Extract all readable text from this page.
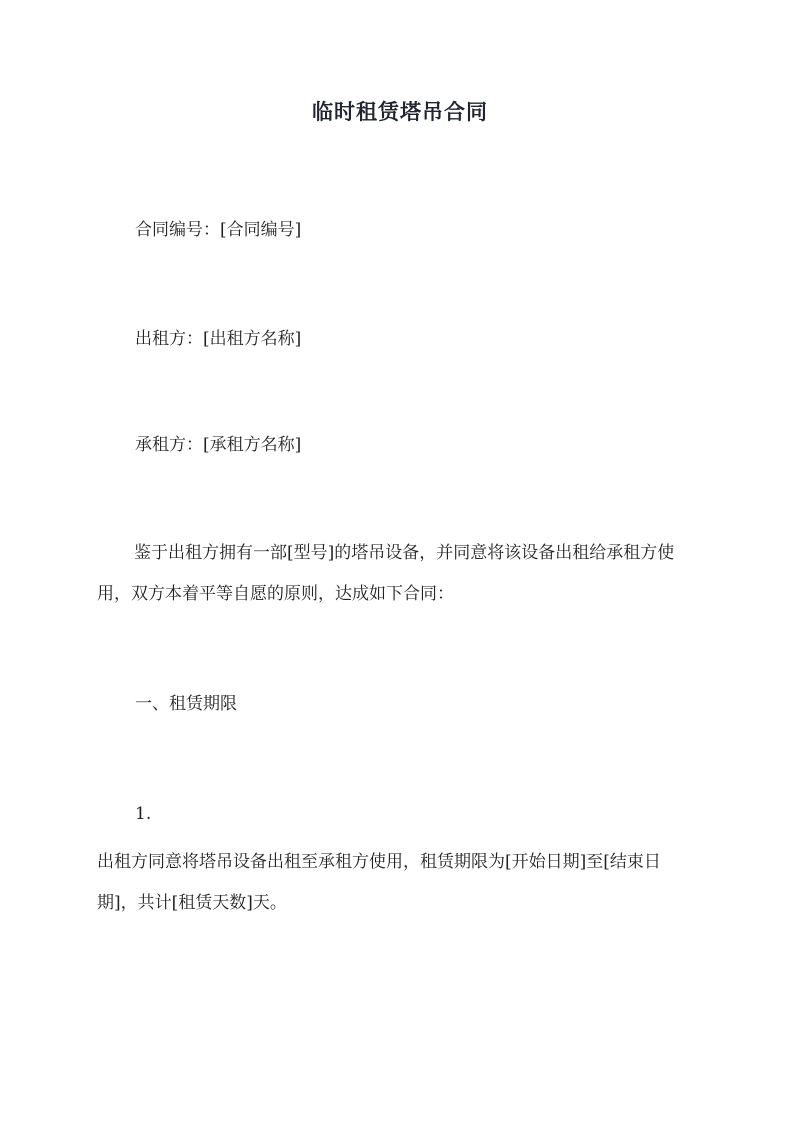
临时租赁塔吊合同
合同编号：[合同编号]
出租方：[出租方名称]
承租方：[承租方名称]
鉴于出租方拥有一部[型号]的塔吊设备，并同意将该设备出租给承租方使用，双方本着平等自愿的原则，达成如下合同：
一、租赁期限
1.
出租方同意将塔吊设备出租至承租方使用，租赁期限为[开始日期]至[结束日期]，共计[租赁天数]天。
